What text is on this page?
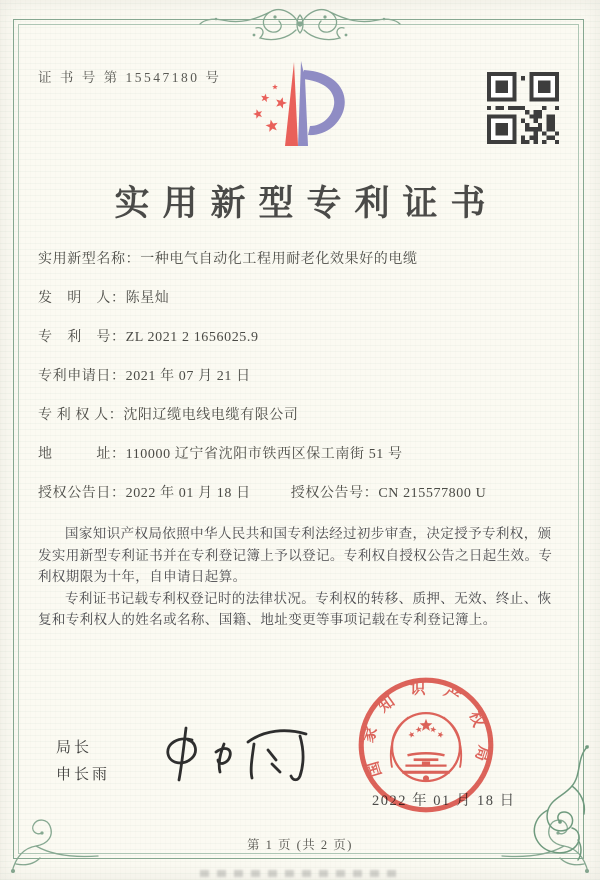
证 书 号 第 15547180 号
实用新型专利证书
实用新型名称： 一种电气自动化工程用耐老化效果好的电缆
发　明　人： 陈星灿
专　利　号： ZL 2021 2 1656025.9
专利申请日： 2021 年 07 月 21 日
专 利 权 人： 沈阳辽缆电线电缆有限公司
地　　　址： 110000 辽宁省沈阳市铁西区保工南街 51 号
授权公告日： 2022 年 01 月 18 日	授权公告号： CN 215577800 U

国家知识产权局依照中华人民共和国专利法经过初步审查，决定授予专利权，颁发实用新型专利证书并在专利登记簿上予以登记。专利权自授权公告之日起生效。专利权期限为十年，自申请日起算。

专利证书记载专利权登记时的法律状况。专利权的转移、质押、无效、终止、恢复和专利权人的姓名或名称、国籍、地址变更等事项记载在专利登记簿上。

局长
申长雨
2022 年 01 月 18 日
国家知识产权局
第 1 页 (共 2 页)
